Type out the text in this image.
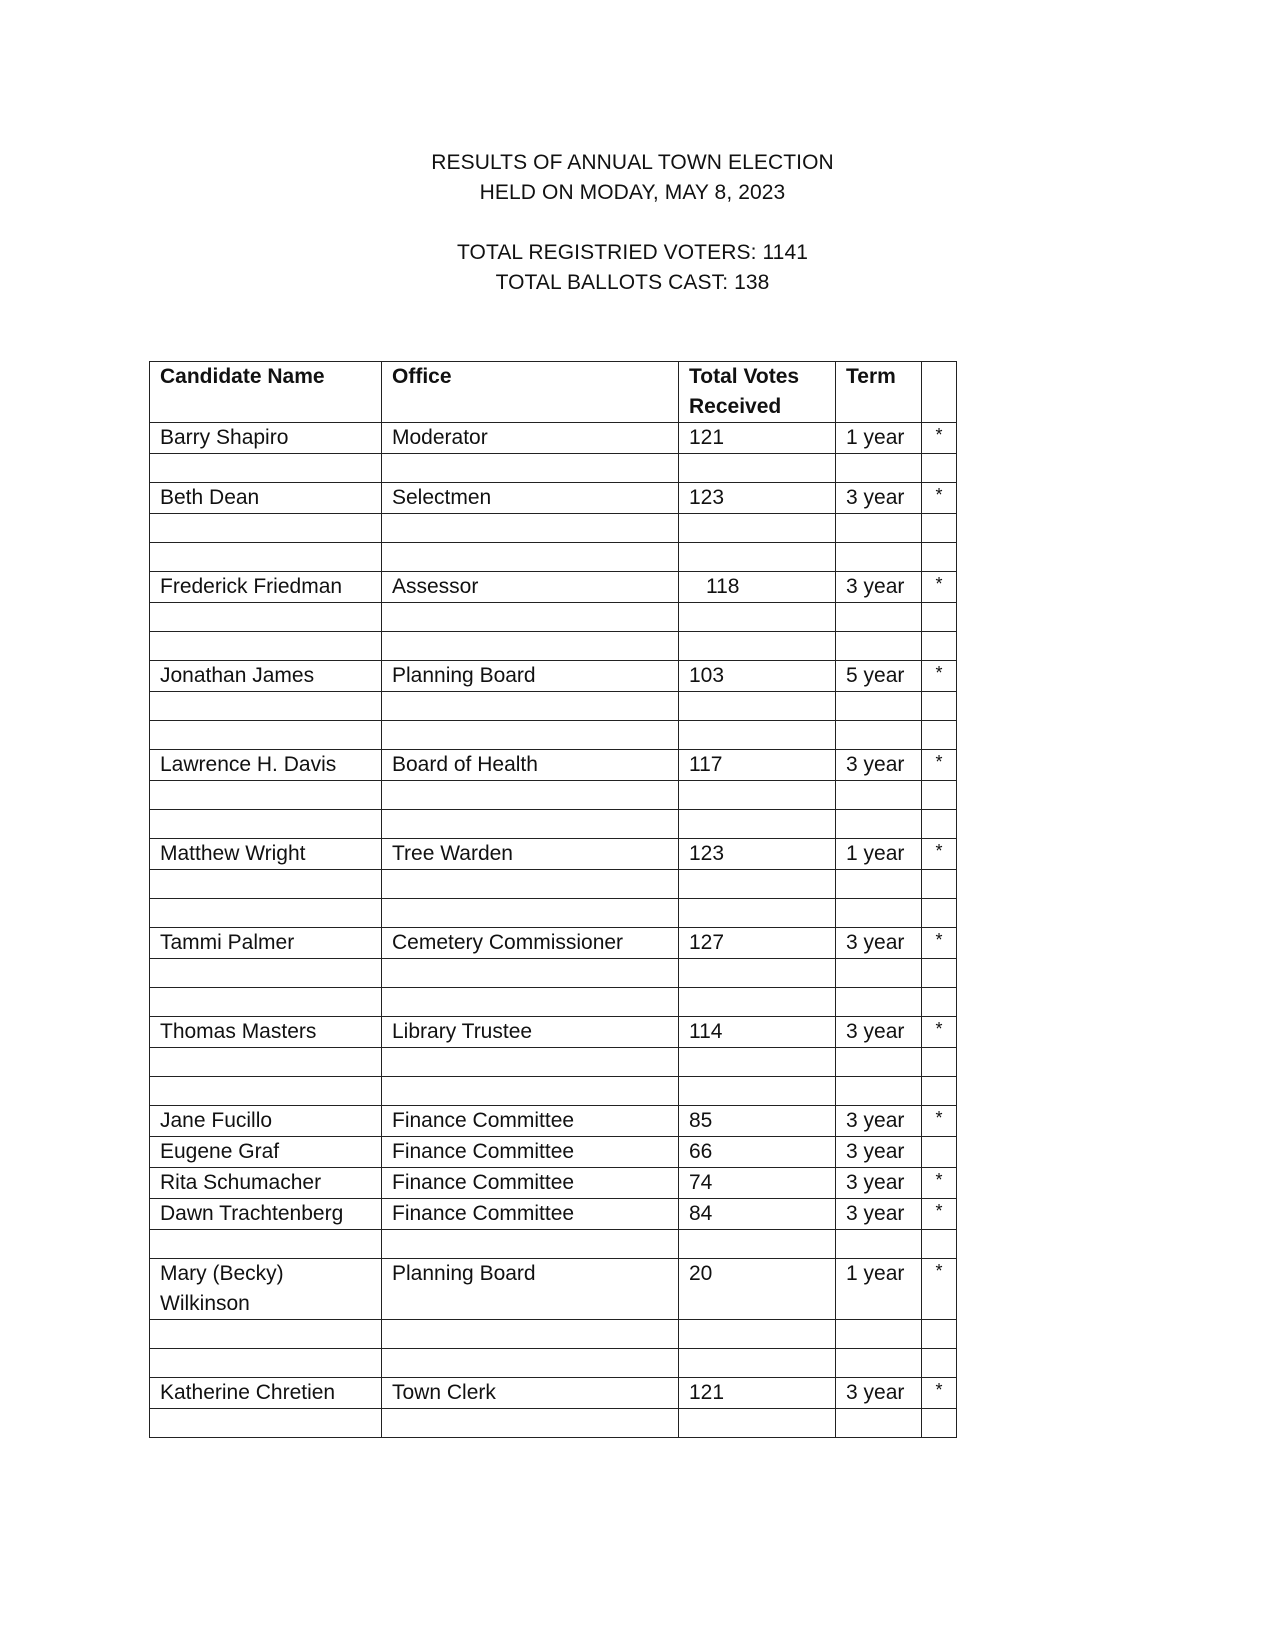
RESULTS OF ANNUAL TOWN ELECTION
HELD ON MODAY, MAY 8, 2023
TOTAL REGISTRIED VOTERS: 1141
TOTAL BALLOTS CAST: 138
Candidate Name	Office	Total Votes Received	Term	
Barry Shapiro	Moderator	121	1 year	*

Beth Dean	Selectmen	123	3 year	*

Frederick Friedman	Assessor	118	3 year	*

Jonathan James	Planning Board	103	5 year	*

Lawrence H. Davis	Board of Health	117	3 year	*

Matthew Wright	Tree Warden	123	1 year	*

Tammi Palmer	Cemetery Commissioner	127	3 year	*

Thomas Masters	Library Trustee	114	3 year	*

Jane Fucillo	Finance Committee	85	3 year	*
Eugene Graf	Finance Committee	66	3 year	
Rita Schumacher	Finance Committee	74	3 year	*
Dawn Trachtenberg	Finance Committee	84	3 year	*

Mary (Becky) Wilkinson	Planning Board	20	1 year	*

Katherine Chretien	Town Clerk	121	3 year	*
